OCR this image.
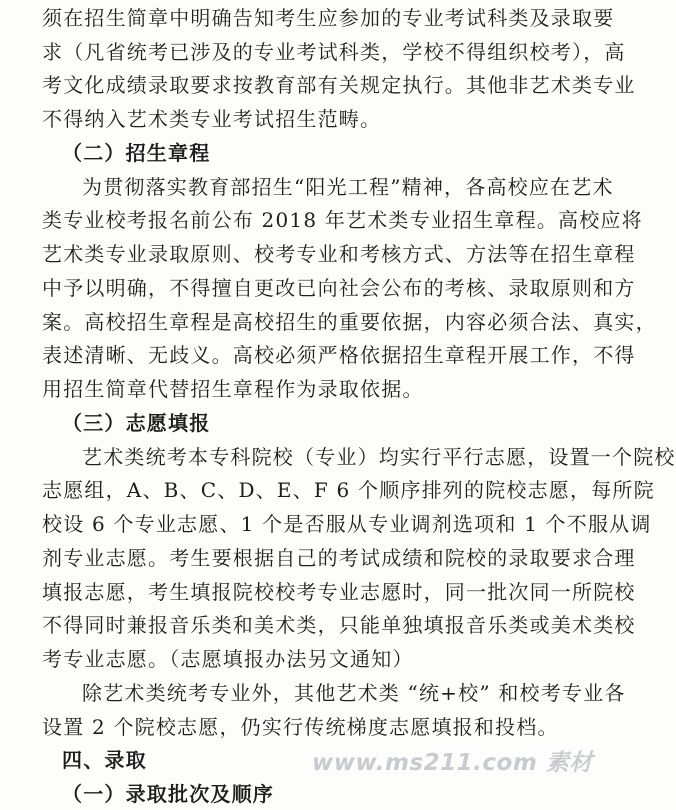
须在招生简章中明确告知考生应参加的专业考试科类及录取要
求（凡省统考已涉及的专业考试科类，学校不得组织校考），高
考文化成绩录取要求按教育部有关规定执行。其他非艺术类专业
不得纳入艺术类专业考试招生范畴。
（二）招生章程
为贯彻落实教育部招生“阳光工程”精神，各高校应在艺术
类专业校考报名前公布 2018 年艺术类专业招生章程。高校应将
艺术类专业录取原则、校考专业和考核方式、方法等在招生章程
中予以明确，不得擅自更改已向社会公布的考核、录取原则和方
案。高校招生章程是高校招生的重要依据，内容必须合法、真实，
表述清晰、无歧义。高校必须严格依据招生章程开展工作，不得
用招生简章代替招生章程作为录取依据。
（三）志愿填报
艺术类统考本专科院校（专业）均实行平行志愿，设置一个院校
志愿组，A、B、C、D、E、F 6 个顺序排列的院校志愿，每所院
校设 6 个专业志愿、1 个是否服从专业调剂选项和 1 个不服从调
剂专业志愿。考生要根据自己的考试成绩和院校的录取要求合理
填报志愿，考生填报院校校考专业志愿时，同一批次同一所院校
不得同时兼报音乐类和美术类，只能单独填报音乐类或美术类校
考专业志愿。（志愿填报办法另文通知）
除艺术类统考专业外，其他艺术类 “统+校” 和校考专业各
设置 2 个院校志愿，仍实行传统梯度志愿填报和投档。
四、录取
（一）录取批次及顺序
www.ms211.com 素材
